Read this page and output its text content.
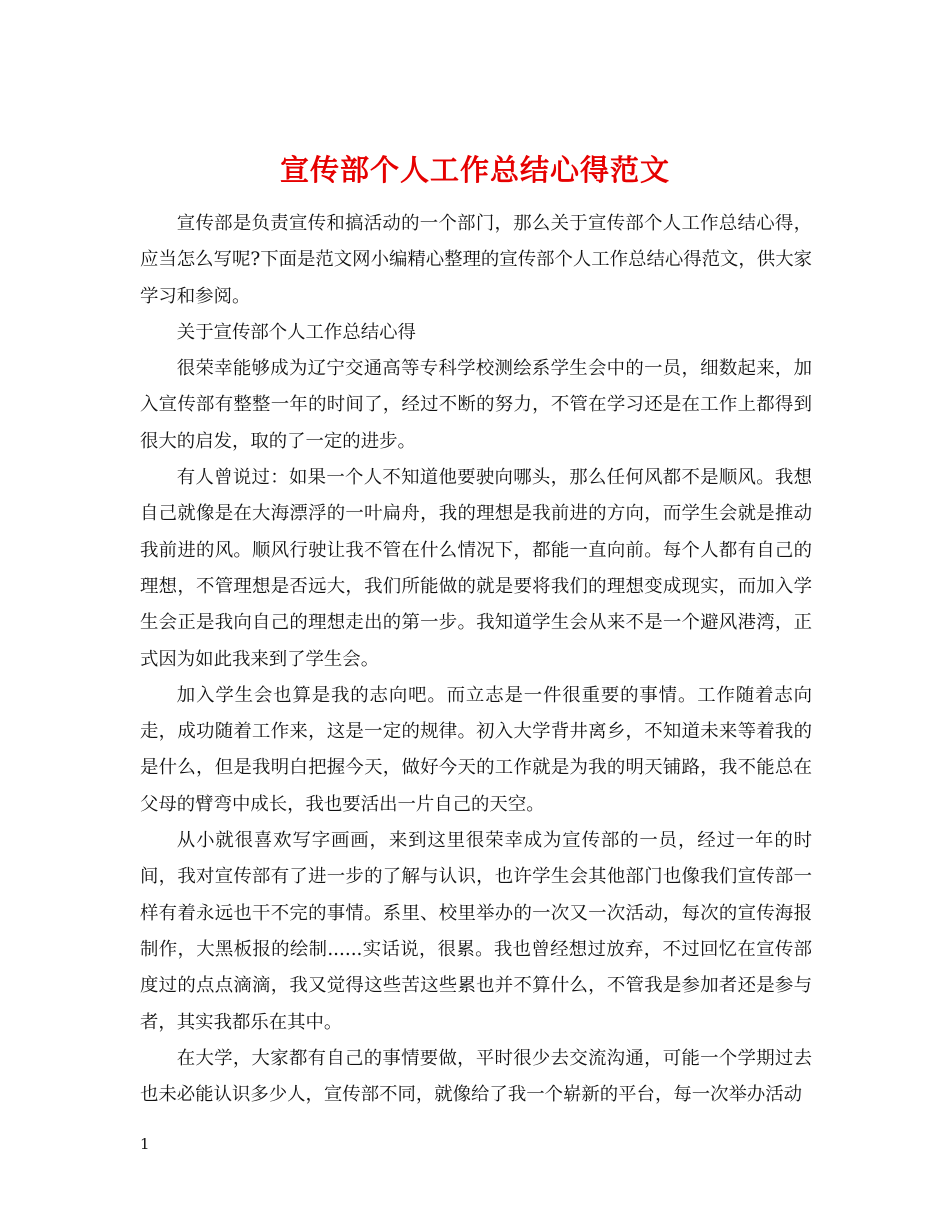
宣传部个人工作总结心得范文

宣传部是负责宣传和搞活动的一个部门，那么关于宣传部个人工作总结心得，应当怎么写呢?下面是范文网小编精心整理的宣传部个人工作总结心得范文，供大家学习和参阅。

关于宣传部个人工作总结心得

很荣幸能够成为辽宁交通高等专科学校测绘系学生会中的一员，细数起来，加入宣传部有整整一年的时间了，经过不断的努力，不管在学习还是在工作上都得到很大的启发，取的了一定的进步。

有人曾说过：如果一个人不知道他要驶向哪头，那么任何风都不是顺风。我想自己就像是在大海漂浮的一叶扁舟，我的理想是我前进的方向，而学生会就是推动我前进的风。顺风行驶让我不管在什么情况下，都能一直向前。每个人都有自己的理想，不管理想是否远大，我们所能做的就是要将我们的理想变成现实，而加入学生会正是我向自己的理想走出的第一步。我知道学生会从来不是一个避风港湾，正式因为如此我来到了学生会。

加入学生会也算是我的志向吧。而立志是一件很重要的事情。工作随着志向走，成功随着工作来，这是一定的规律。初入大学背井离乡，不知道未来等着我的是什么，但是我明白把握今天，做好今天的工作就是为我的明天铺路，我不能总在父母的臂弯中成长，我也要活出一片自己的天空。

从小就很喜欢写字画画，来到这里很荣幸成为宣传部的一员，经过一年的时间，我对宣传部有了进一步的了解与认识，也许学生会其他部门也像我们宣传部一样有着永远也干不完的事情。系里、校里举办的一次又一次活动，每次的宣传海报制作，大黑板报的绘制......实话说，很累。我也曾经想过放弃，不过回忆在宣传部度过的点点滴滴，我又觉得这些苦这些累也并不算什么，不管我是参加者还是参与者，其实我都乐在其中。

在大学，大家都有自己的事情要做，平时很少去交流沟通，可能一个学期过去也未必能认识多少人，宣传部不同，就像给了我一个崭新的平台，每一次举办活动

1
